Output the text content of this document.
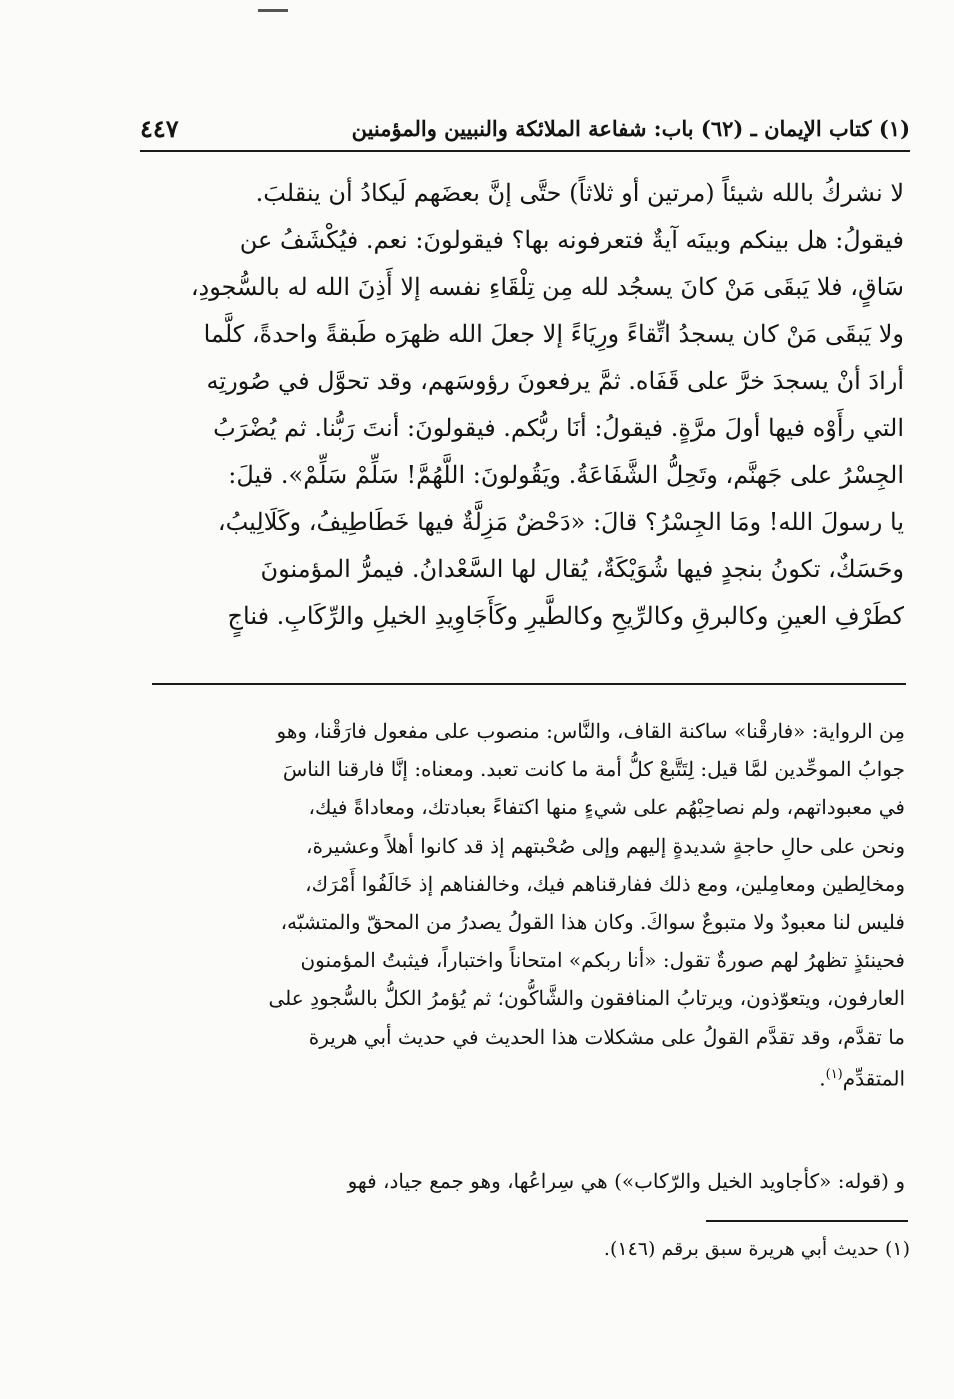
(١) كتاب الإيمان ـ (٦٢) باب: شفاعة الملائكة والنبيين والمؤمنين
٤٤٧
لا نشركُ بالله شيئاً (مرتين أو ثلاثاً) حتَّى إنَّ بعضَهم لَيكادُ أن ينقلبَ.
فيقولُ: هل بينكم وبينَه آيةٌ فتعرفونه بها؟ فيقولونَ: نعم. فيُكْشَفُ عن
سَاقٍ، فلا يَبقَى مَنْ كانَ يسجُد لله مِن تِلْقَاءِ نفسه إلا أَذِنَ الله له بالسُّجودِ،
ولا يَبقَى مَنْ كان يسجدُ اتِّقاءً ورِيَاءً إلا جعلَ الله ظهرَه طَبقةً واحدةً، كلَّما
أرادَ أنْ يسجدَ خرَّ على قَفَاه. ثمَّ يرفعونَ رؤوسَهم، وقد تحوَّل في صُورتِه
التي رأَوْه فيها أولَ مرَّةٍ. فيقولُ: أنَا ربُّكم. فيقولونَ: أنتَ رَبُّنا. ثم يُضْرَبُ
الجِسْرُ على جَهنَّم، وتَحِلُّ الشَّفَاعَةُ. ويَقُولونَ: اللَّهُمَّ! سَلِّمْ سَلِّمْ». قيلَ:
يا رسولَ الله! ومَا الجِسْرُ؟ قالَ: «دَحْضٌ مَزِلَّةٌ فيها خَطَاطِيفُ، وكَلَالِيبُ،
وحَسَكٌ، تكونُ بنجدٍ فيها شُوَيْكَةٌ، يُقال لها السَّعْدانُ. فيمرُّ المؤمنونَ
كطَرْفِ العينِ وكالبرقِ وكالرِّيحِ وكالطَّيرِ وكَأَجَاوِيدِ الخيلِ والرِّكَابِ. فناجٍ
مِن الرواية: «فارقْنا» ساكنة القاف، والنَّاس: منصوب على مفعول فارَقْنا، وهو
جوابُ الموحِّدين لمَّا قيل: لِتَتَّبعْ كلُّ أمة ما كانت تعبد. ومعناه: إنَّا فارقنا الناسَ
في معبوداتهم، ولم نصاحِبْهُم على شيءٍ منها اكتفاءً بعبادتك، ومعاداةً فيك،
ونحن على حالِ حاجةٍ شديدةٍ إليهم وإلى صُحْبتهم إذ قد كانوا أهلاً وعشيرة،
ومخالِطين ومعامِلين، ومع ذلك ففارقناهم فيك، وخالفناهم إذ خَالَفُوا أَمْرَك،
فليس لنا معبودٌ ولا متبوعٌ سواكَ. وكان هذا القولُ يصدرُ من المحقّ والمتشبّه،
فحينئذٍ تظهرُ لهم صورةٌ تقول: «أنا ربكم» امتحاناً واختباراً، فيثبتُ المؤمنون
العارفون، ويتعوّذون، ويرتابُ المنافقون والشَّاكُّون؛ ثم يُؤمرُ الكلُّ بالسُّجودِ على
ما تقدَّم، وقد تقدَّم القولُ على مشكلات هذا الحديث في حديث أبي هريرة
المتقدِّم$^{(١)}$.
و (قوله: «كأجاويد الخيل والرّكاب») هي سِراعُها، وهو جمع جياد، فهو
(١) حديث أبي هريرة سبق برقم (١٤٦).
